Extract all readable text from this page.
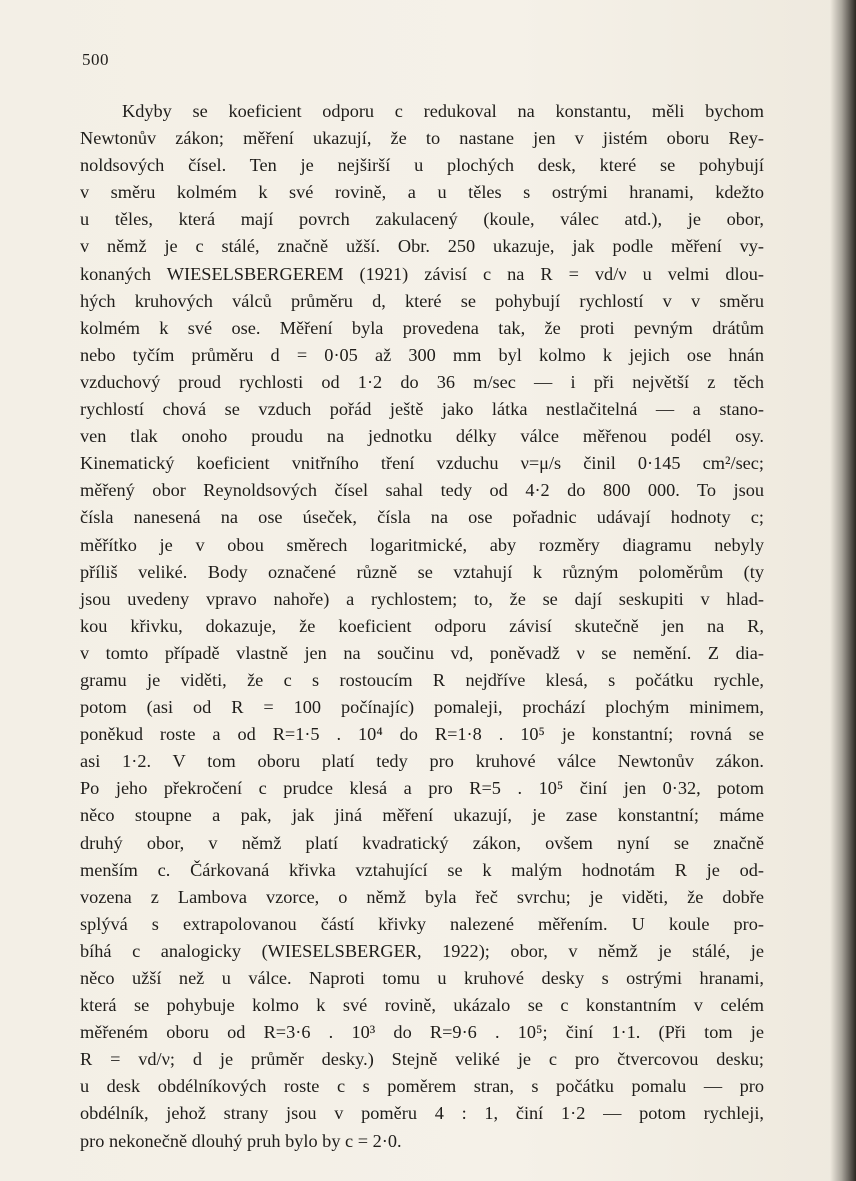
500
Kdyby se koeficient odporu c redukoval na konstantu, měli bychom
Newtonův zákon; měření ukazují, že to nastane jen v jistém oboru Rey-
noldsových čísel. Ten je nejširší u plochých desk, které se pohybují
v směru kolmém k své rovině, a u těles s ostrými hranami, kdežto
u těles, která mají povrch zakulacený (koule, válec atd.), je obor,
v němž je c stálé, značně užší. Obr. 250 ukazuje, jak podle měření vy-
konaných WIESELSBERGEREM (1921) závisí c na R = vd/ν u velmi dlou-
hých kruhových válců průměru d, které se pohybují rychlostí v v směru
kolmém k své ose. Měření byla provedena tak, že proti pevným drátům
nebo tyčím průměru d = 0·05 až 300 mm byl kolmo k jejich ose hnán
vzduchový proud rychlosti od 1·2 do 36 m/sec — i při největší z těch
rychlostí chová se vzduch pořád ještě jako látka nestlačitelná — a stano-
ven tlak onoho proudu na jednotku délky válce měřenou podél osy.
Kinematický koeficient vnitřního tření vzduchu ν=μ/s činil 0·145 cm²/sec;
měřený obor Reynoldsových čísel sahal tedy od 4·2 do 800 000. To jsou
čísla nanesená na ose úseček, čísla na ose pořadnic udávají hodnoty c;
měřítko je v obou směrech logaritmické, aby rozměry diagramu nebyly
příliš veliké. Body označené různě se vztahují k různým poloměrům (ty
jsou uvedeny vpravo nahoře) a rychlostem; to, že se dají seskupiti v hlad-
kou křivku, dokazuje, že koeficient odporu závisí skutečně jen na R,
v tomto případě vlastně jen na součinu vd, poněvadž ν se nemění. Z dia-
gramu je viděti, že c s rostoucím R nejdříve klesá, s počátku rychle,
potom (asi od R = 100 počínajíc) pomaleji, prochází plochým minimem,
poněkud roste a od R=1·5 . 10⁴ do R=1·8 . 10⁵ je konstantní; rovná se
asi 1·2. V tom oboru platí tedy pro kruhové válce Newtonův zákon.
Po jeho překročení c prudce klesá a pro R=5 . 10⁵ činí jen 0·32, potom
něco stoupne a pak, jak jiná měření ukazují, je zase konstantní; máme
druhý obor, v němž platí kvadratický zákon, ovšem nyní se značně
menším c. Čárkovaná křivka vztahující se k malým hodnotám R je od-
vozena z Lambova vzorce, o němž byla řeč svrchu; je viděti, že dobře
splývá s extrapolovanou částí křivky nalezené měřením. U koule pro-
bíhá c analogicky (WIESELSBERGER, 1922); obor, v němž je stálé, je
něco užší než u válce. Naproti tomu u kruhové desky s ostrými hranami,
která se pohybuje kolmo k své rovině, ukázalo se c konstantním v celém
měřeném oboru od R=3·6 . 10³ do R=9·6 . 10⁵; činí 1·1. (Při tom je
R = vd/ν; d je průměr desky.) Stejně veliké je c pro čtvercovou desku;
u desk obdélníkových roste c s poměrem stran, s počátku pomalu — pro
obdélník, jehož strany jsou v poměru 4 : 1, činí 1·2 — potom rychleji,
pro nekonečně dlouhý pruh bylo by c = 2·0.
